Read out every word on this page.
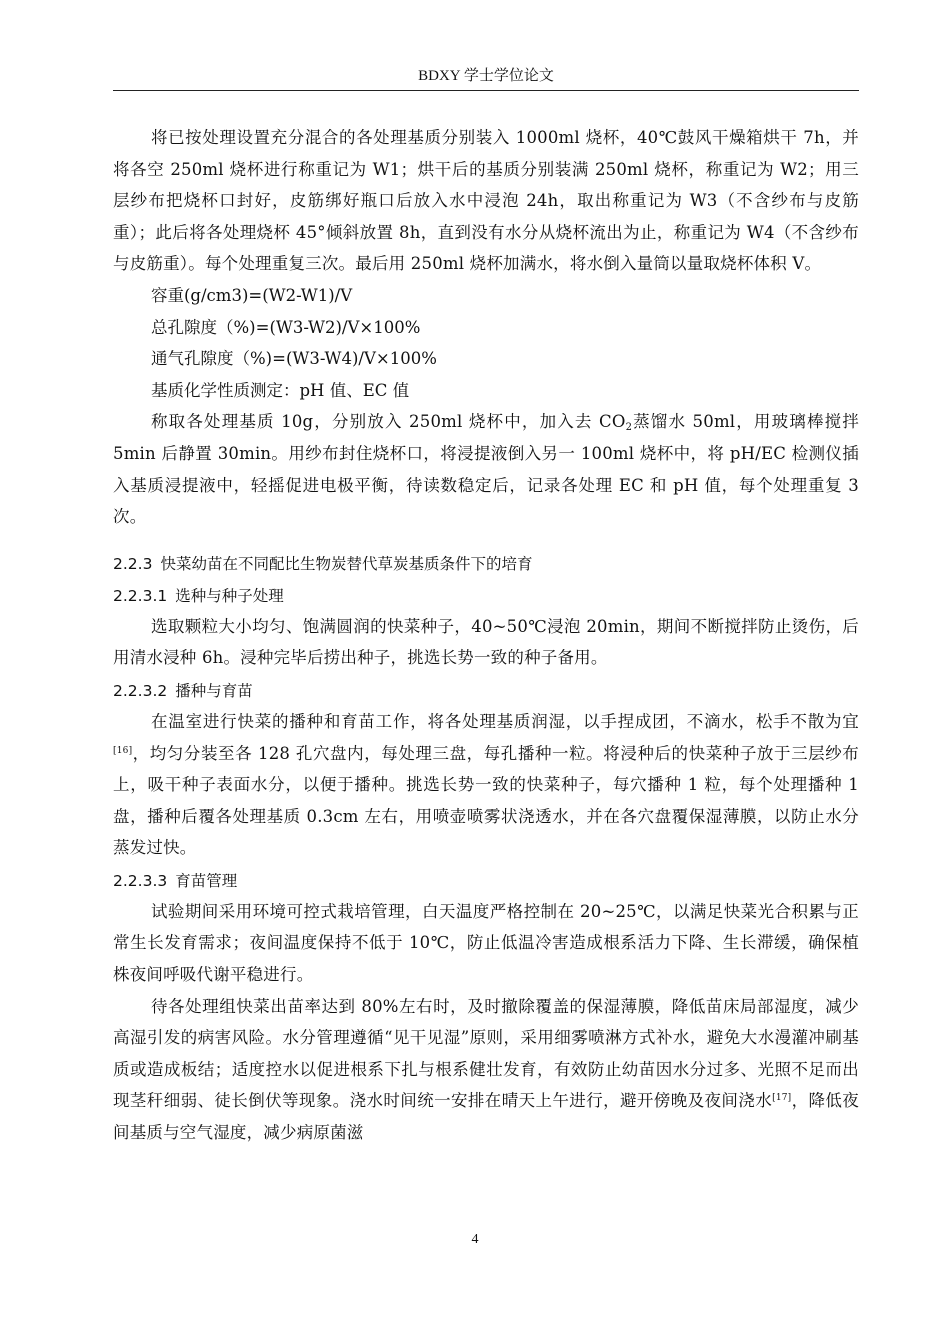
BDXY 学士学位论文

将已按处理设置充分混合的各处理基质分别装入 1000ml 烧杯，40℃鼓风干燥箱烘干 7h，并将各空 250ml 烧杯进行称重记为 W1；烘干后的基质分别装满 250ml 烧杯，称重记为 W2；用三层纱布把烧杯口封好，皮筋绑好瓶口后放入水中浸泡 24h，取出称重记为 W3（不含纱布与皮筋重）；此后将各处理烧杯 45°倾斜放置 8h，直到没有水分从烧杯流出为止，称重记为 W4（不含纱布与皮筋重）。每个处理重复三次。最后用 250ml 烧杯加满水，将水倒入量筒以量取烧杯体积 V。

容重(g/cm3)=(W2-W1)/V

总孔隙度（%)=(W3-W2)/V×100%

通气孔隙度（%)=(W3-W4)/V×100%

基质化学性质测定：pH 值、EC 值

称取各处理基质 10g，分别放入 250ml 烧杯中，加入去 $CO_2$蒸馏水 50ml，用玻璃棒搅拌 5min 后静置 30min。用纱布封住烧杯口，将浸提液倒入另一 100ml 烧杯中，将 pH/EC 检测仪插入基质浸提液中，轻摇促进电极平衡，待读数稳定后，记录各处理 EC 和 pH 值，每个处理重复 3 次。

2.2.3 快菜幼苗在不同配比生物炭替代草炭基质条件下的培育
2.2.3.1 选种与种子处理

选取颗粒大小均匀、饱满圆润的快菜种子，40~50℃浸泡 20min，期间不断搅拌防止烫伤，后用清水浸种 6h。浸种完毕后捞出种子，挑选长势一致的种子备用。

2.2.3.2 播种与育苗

在温室进行快菜的播种和育苗工作，将各处理基质润湿，以手捏成团，不滴水，松手不散为宜[16]，均匀分装至各 128 孔穴盘内，每处理三盘，每孔播种一粒。将浸种后的快菜种子放于三层纱布上，吸干种子表面水分，以便于播种。挑选长势一致的快菜种子，每穴播种 1 粒，每个处理播种 1 盘，播种后覆各处理基质 0.3cm 左右，用喷壶喷雾状浇透水，并在各穴盘覆保湿薄膜，以防止水分蒸发过快。

2.2.3.3 育苗管理

试验期间采用环境可控式栽培管理，白天温度严格控制在 20~25℃，以满足快菜光合积累与正常生长发育需求；夜间温度保持不低于 10℃，防止低温冷害造成根系活力下降、生长滞缓，确保植株夜间呼吸代谢平稳进行。

待各处理组快菜出苗率达到 80%左右时，及时撤除覆盖的保湿薄膜，降低苗床局部湿度，减少高湿引发的病害风险。水分管理遵循“见干见湿”原则，采用细雾喷淋方式补水，避免大水漫灌冲刷基质或造成板结；适度控水以促进根系下扎与根系健壮发育，有效防止幼苗因水分过多、光照不足而出现茎秆细弱、徒长倒伏等现象。浇水时间统一安排在晴天上午进行，避开傍晚及夜间浇水[17]，降低夜间基质与空气湿度，减少病原菌滋

4
